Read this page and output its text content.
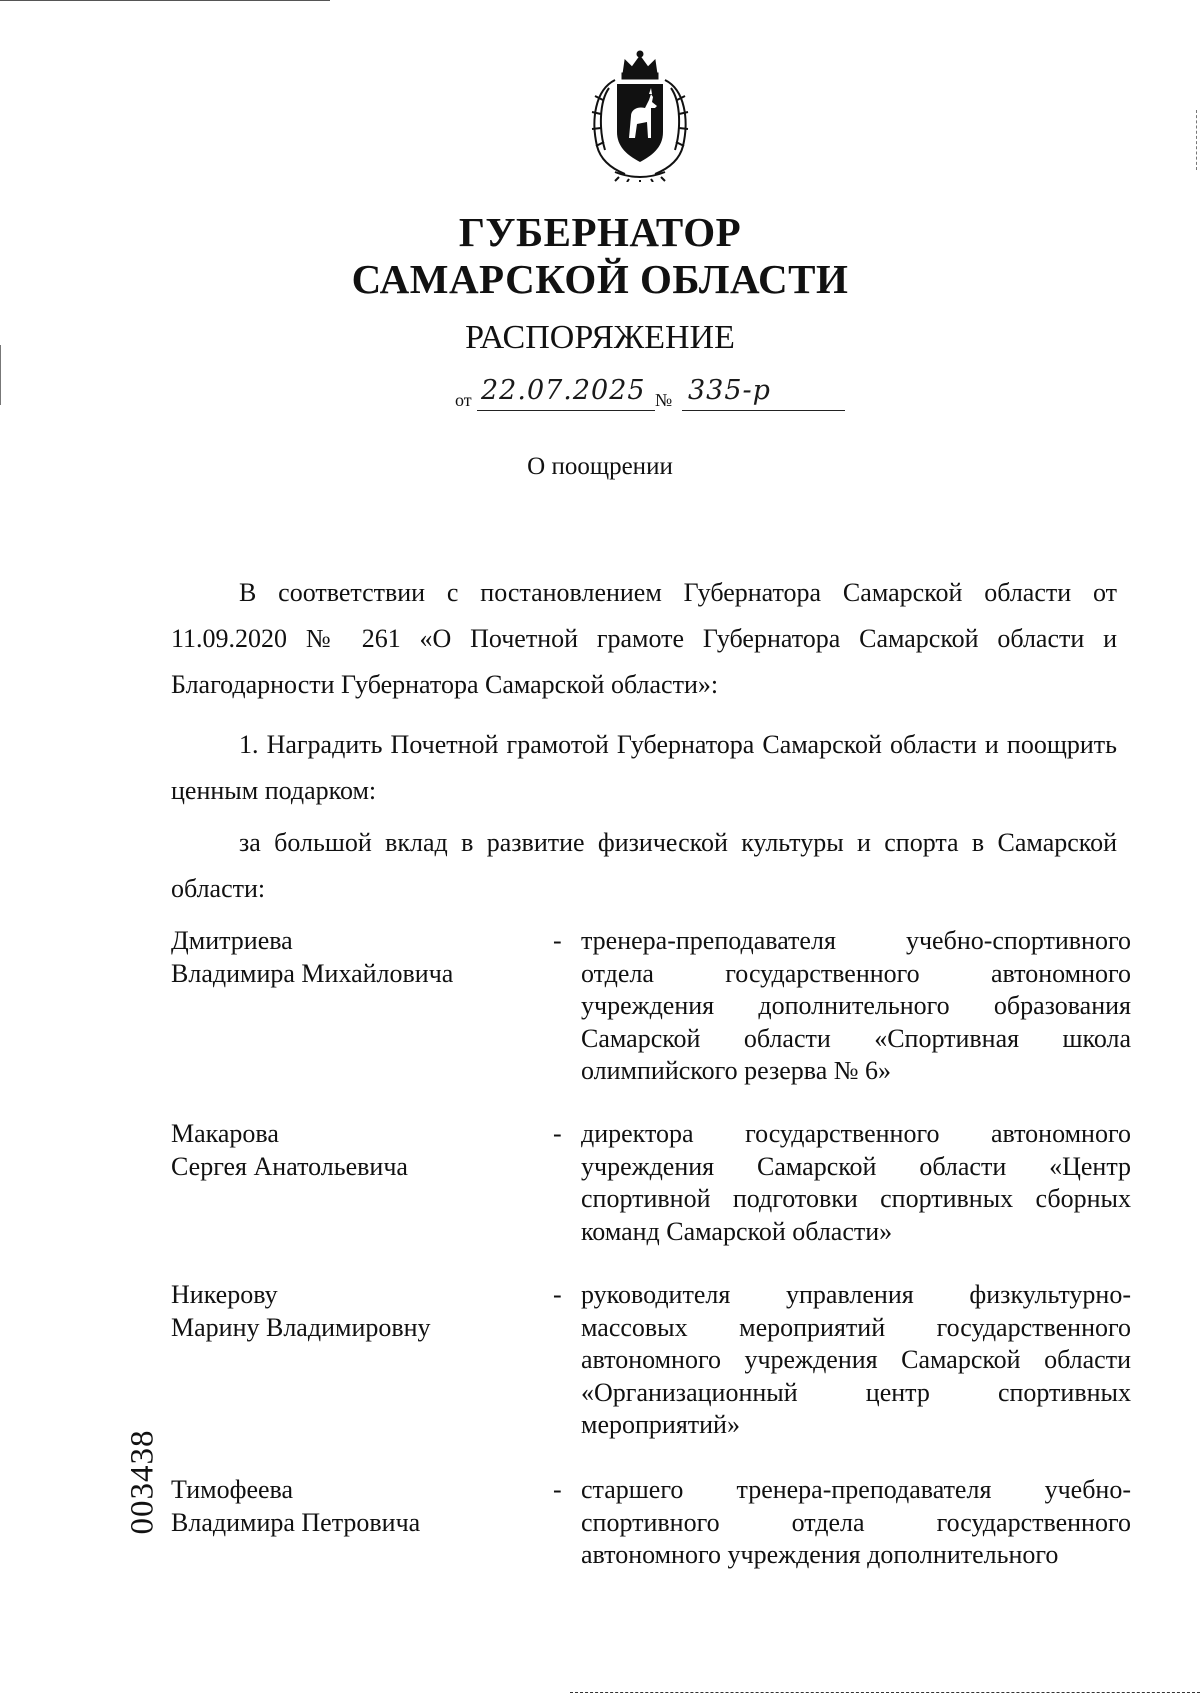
ГУБЕРНАТОР
САМАРСКОЙ ОБЛАСТИ
РАСПОРЯЖЕНИЕ
от 22.07.2025 № 335-р
О поощрении
В соответствии с постановлением Губернатора Самарской области от 11.09.2020 № 261 «О Почетной грамоте Губернатора Самарской области и Благодарности Губернатора Самарской области»:
1. Наградить Почетной грамотой Губернатора Самарской области и поощрить ценным подарком:
за большой вклад в развитие физической культуры и спорта в Самарской области:
Дмитриева
Владимира Михайловича
- тренера-преподавателя учебно-спортивного отдела государственного автономного учреждения дополнительного образования Самарской области «Спортивная школа олимпийского резерва № 6»
Макарова
Сергея Анатольевича
- директора государственного автономного учреждения Самарской области «Центр спортивной подготовки спортивных сборных команд Самарской области»
Никерову
Марину Владимировну
- руководителя управления физкультурно-массовых мероприятий государственного автономного учреждения Самарской области «Организационный центр спортивных мероприятий»
Тимофеева
Владимира Петровича
- старшего тренера-преподавателя учебно-спортивного отдела государственного автономного учреждения дополнительного
003438
